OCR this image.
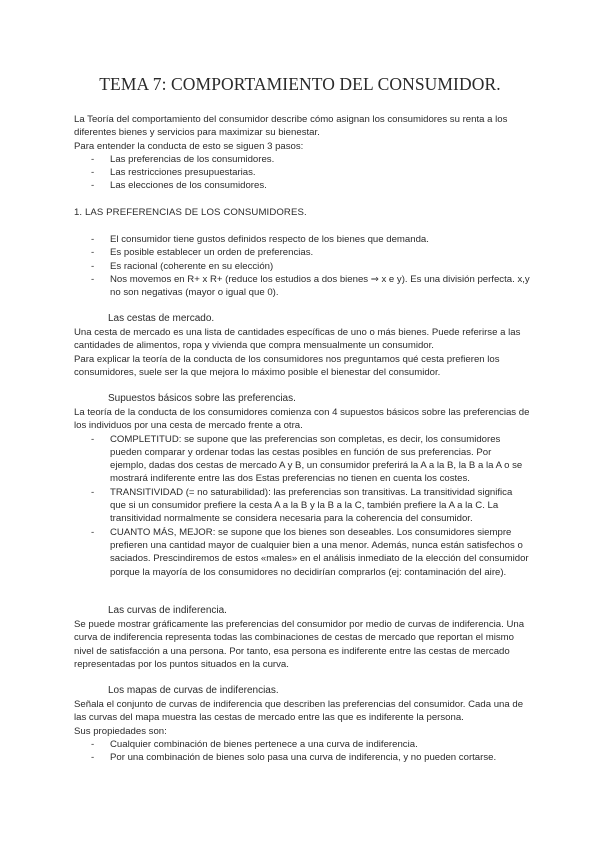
TEMA 7: COMPORTAMIENTO DEL CONSUMIDOR.

La Teoría del comportamiento del consumidor describe cómo asignan los consumidores su renta a los diferentes bienes y servicios para maximizar su bienestar.

Para entender la conducta de esto se siguen 3 pasos:

- Las preferencias de los consumidores.
- Las restricciones presupuestarias.
- Las elecciones de los consumidores.
1. LAS PREFERENCIAS DE LOS CONSUMIDORES.
- El consumidor tiene gustos definidos respecto de los bienes que demanda.
- Es posible establecer un orden de preferencias.
- Es racional (coherente en su elección)
- Nos movemos en R+ x R+ (reduce los estudios a dos bienes ⇒ x e y). Es una división perfecta. x,y no son negativas (mayor o igual que 0).
Las cestas de mercado.

Una cesta de mercado es una lista de cantidades específicas de uno o más bienes. Puede referirse a las cantidades de alimentos, ropa y vivienda que compra mensualmente un consumidor.

Para explicar la teoría de la conducta de los consumidores nos preguntamos qué cesta prefieren los consumidores, suele ser la que mejora lo máximo posible el bienestar del consumidor.

Supuestos básicos sobre las preferencias.

La teoría de la conducta de los consumidores comienza con 4 supuestos básicos sobre las preferencias de los individuos por una cesta de mercado frente a otra.

- COMPLETITUD: se supone que las preferencias son completas, es decir, los consumidores pueden comparar y ordenar todas las cestas posibles en función de sus preferencias. Por ejemplo, dadas dos cestas de mercado A y B, un consumidor preferirá la A a la B, la B a la A o se mostrará indiferente entre las dos Estas preferencias no tienen en cuenta los costes.
- TRANSITIVIDAD (= no saturabilidad): las preferencias son transitivas. La transitividad significa que si un consumidor prefiere la cesta A a la B y la B a la C, también prefiere la A a la C. La transitividad normalmente se considera necesaria para la coherencia del consumidor.
- CUANTO MÁS, MEJOR: se supone que los bienes son deseables. Los consumidores siempre prefieren una cantidad mayor de cualquier bien a una menor. Además, nunca están satisfechos o saciados. Prescindiremos de estos «males» en el análisis inmediato de la elección del consumidor porque la mayoría de los consumidores no decidirían comprarlos (ej: contaminación del aire).
Las curvas de indiferencia.

Se puede mostrar gráficamente las preferencias del consumidor por medio de curvas de indiferencia. Una curva de indiferencia representa todas las combinaciones de cestas de mercado que reportan el mismo nivel de satisfacción a una persona. Por tanto, esa persona es indiferente entre las cestas de mercado representadas por los puntos situados en la curva.

Los mapas de curvas de indiferencias.

Señala el conjunto de curvas de indiferencia que describen las preferencias del consumidor. Cada una de las curvas del mapa muestra las cestas de mercado entre las que es indiferente la persona.

Sus propiedades son:

- Cualquier combinación de bienes pertenece a una curva de indiferencia.
- Por una combinación de bienes solo pasa una curva de indiferencia, y no pueden cortarse.
